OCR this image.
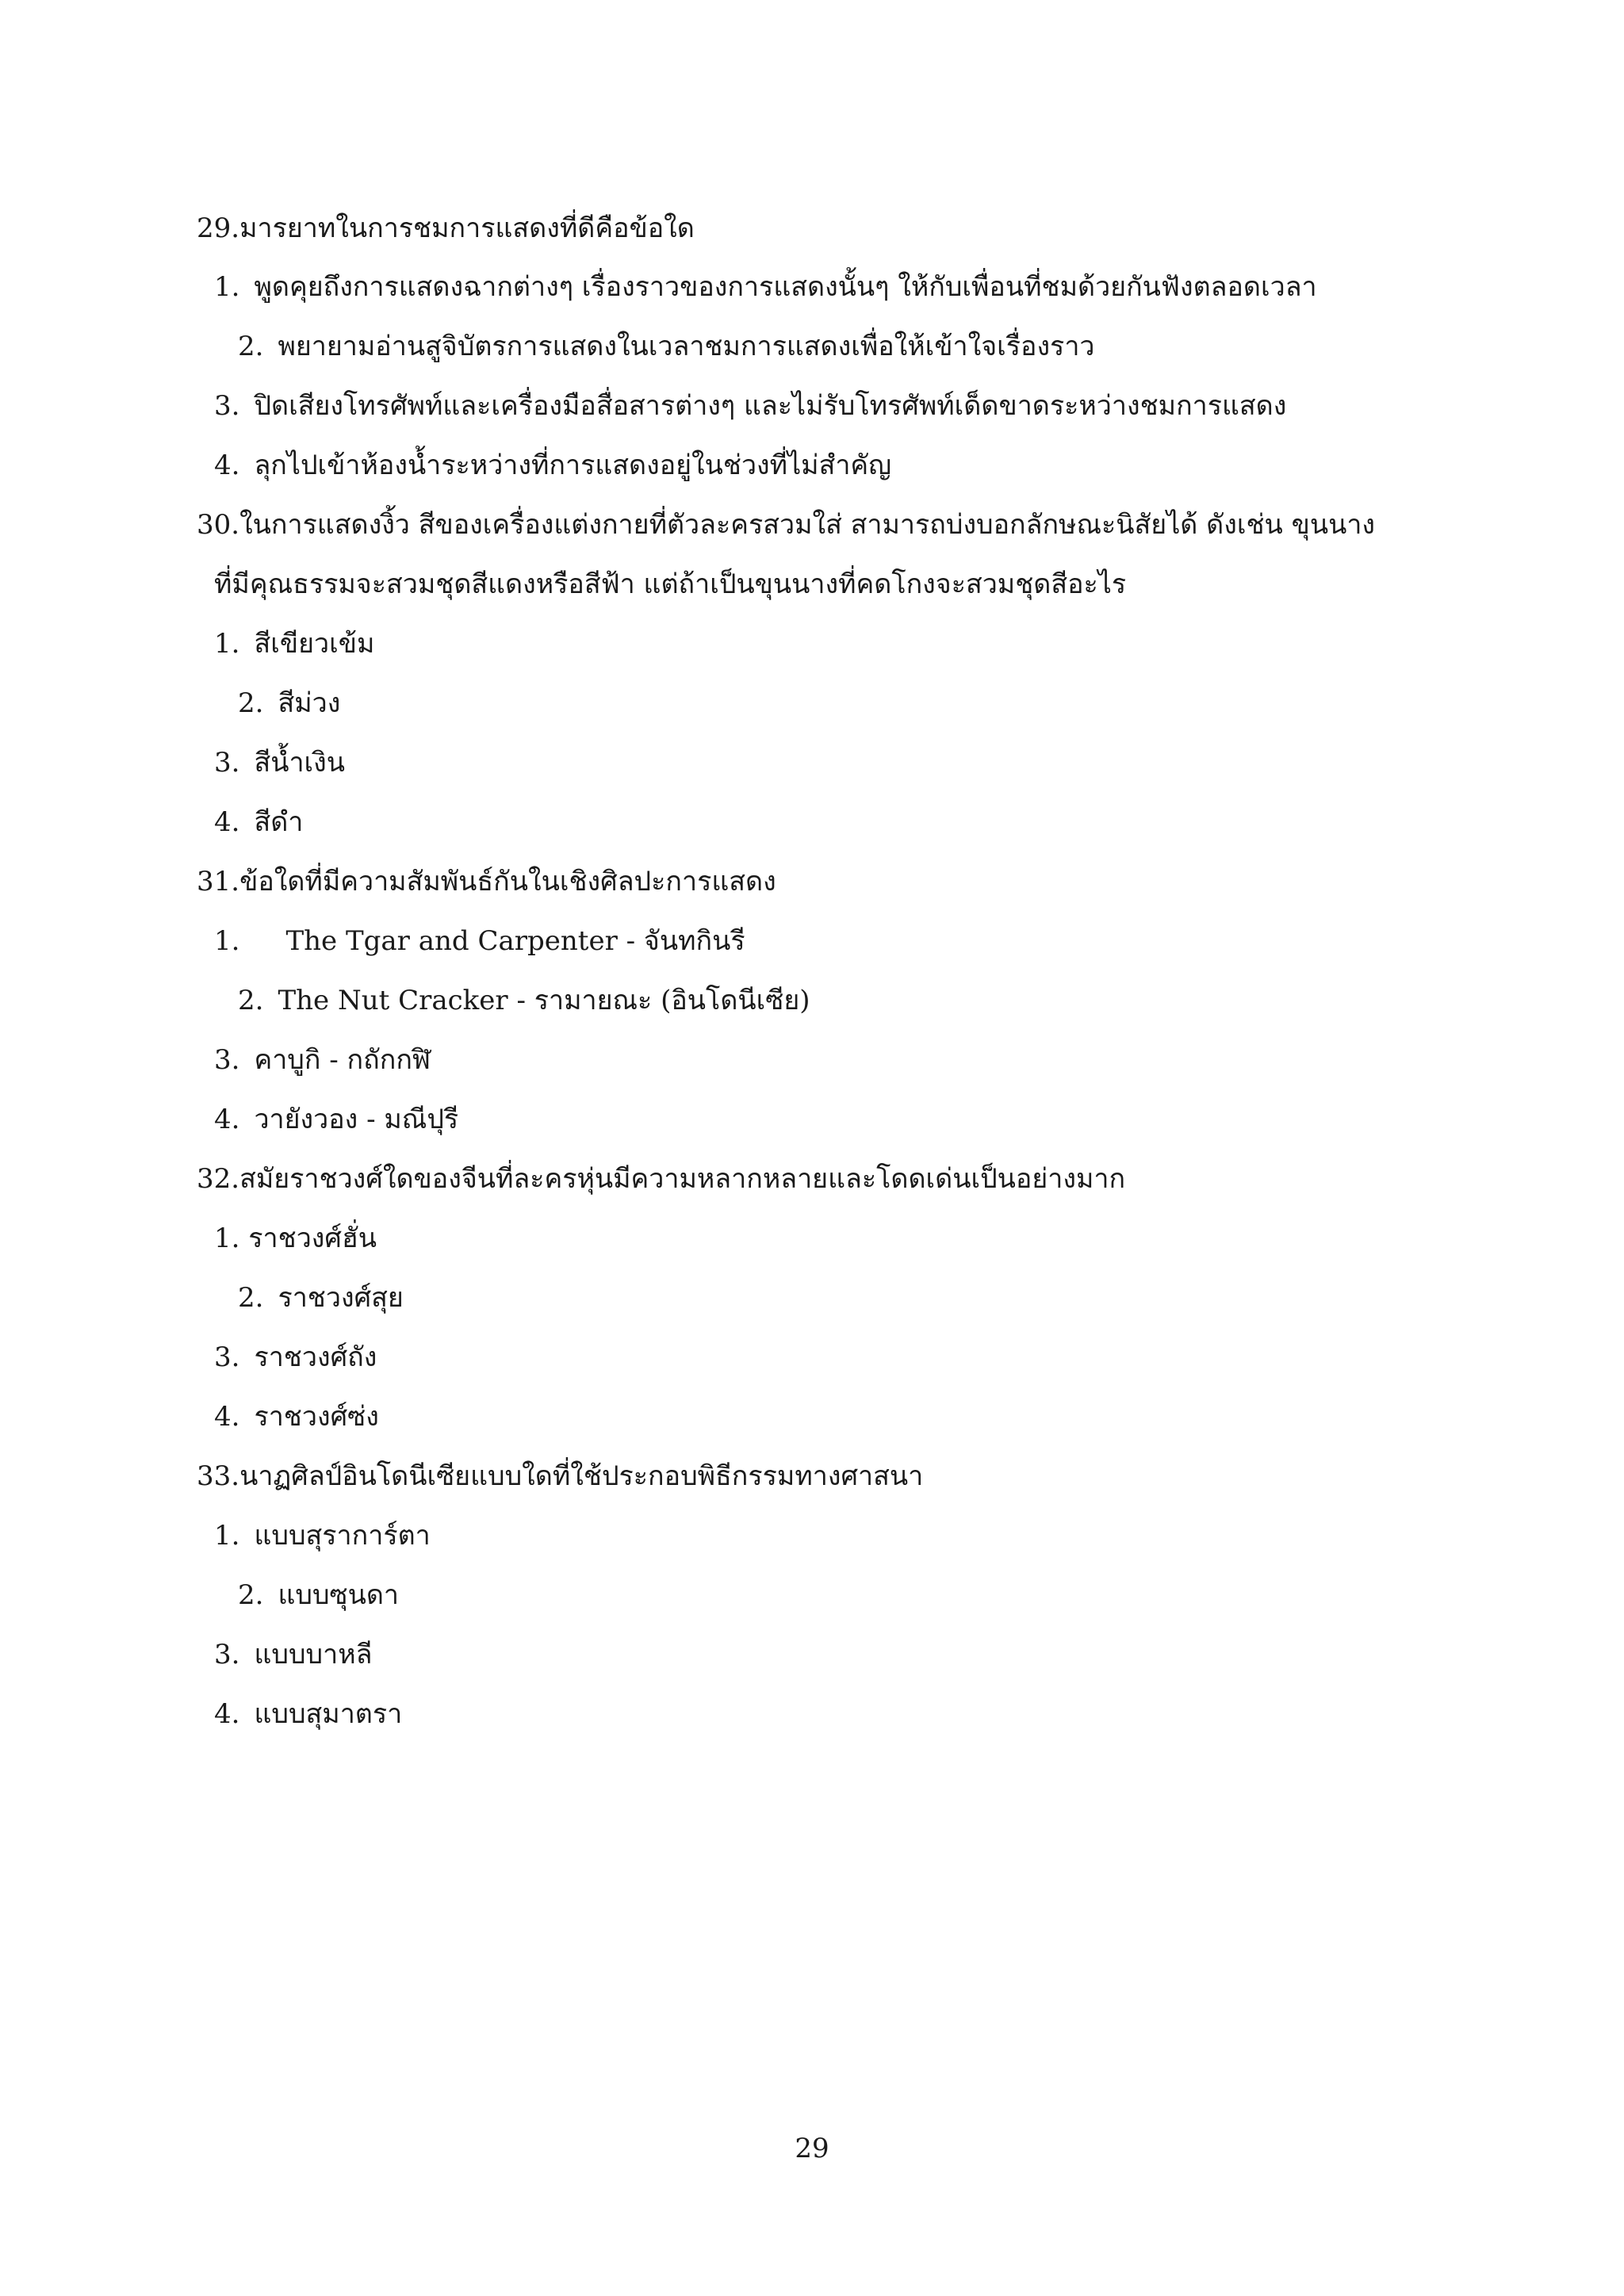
29.มารยาทในการชมการแสดงที่ดีคือข้อใด
1. พูดคุยถึงการแสดงฉากต่างๆ เรื่องราวของการแสดงนั้นๆ ให้กับเพื่อนที่ชมด้วยกันฟังตลอดเวลา
2. พยายามอ่านสูจิบัตรการแสดงในเวลาชมการแสดงเพื่อให้เข้าใจเรื่องราว
3. ปิดเสียงโทรศัพท์และเครื่องมือสื่อสารต่างๆ และไม่รับโทรศัพท์เด็ดขาดระหว่างชมการแสดง
4. ลุกไปเข้าห้องน้ำระหว่างที่การแสดงอยู่ในช่วงที่ไม่สำคัญ
30.ในการแสดงงิ้ว สีของเครื่องแต่งกายที่ตัวละครสวมใส่ สามารถบ่งบอกลักษณะนิสัยได้ ดังเช่น ขุนนาง
ที่มีคุณธรรมจะสวมชุดสีแดงหรือสีฟ้า แต่ถ้าเป็นขุนนางที่คดโกงจะสวมชุดสีอะไร
1. สีเขียวเข้ม
2. สีม่วง
3. สีน้ำเงิน
4. สีดำ
31.ข้อใดที่มีความสัมพันธ์กันในเชิงศิลปะการแสดง
1. The Tgar and Carpenter - จันทกินรี
2. The Nut Cracker - รามายณะ (อินโดนีเซีย)
3. คาบูกิ - กถักกฬิ
4. วายังวอง - มณีปุรี
32.สมัยราชวงศ์ใดของจีนที่ละครหุ่นมีความหลากหลายและโดดเด่นเป็นอย่างมาก
1. ราชวงศ์ฮั่น
2. ราชวงศ์สุย
3. ราชวงศ์ถัง
4. ราชวงศ์ซ่ง
33.นาฏศิลป์อินโดนีเซียแบบใดที่ใช้ประกอบพิธีกรรมทางศาสนา
1. แบบสุราการ์ตา
2. แบบซุนดา
3. แบบบาหลี
4. แบบสุมาตรา
29
